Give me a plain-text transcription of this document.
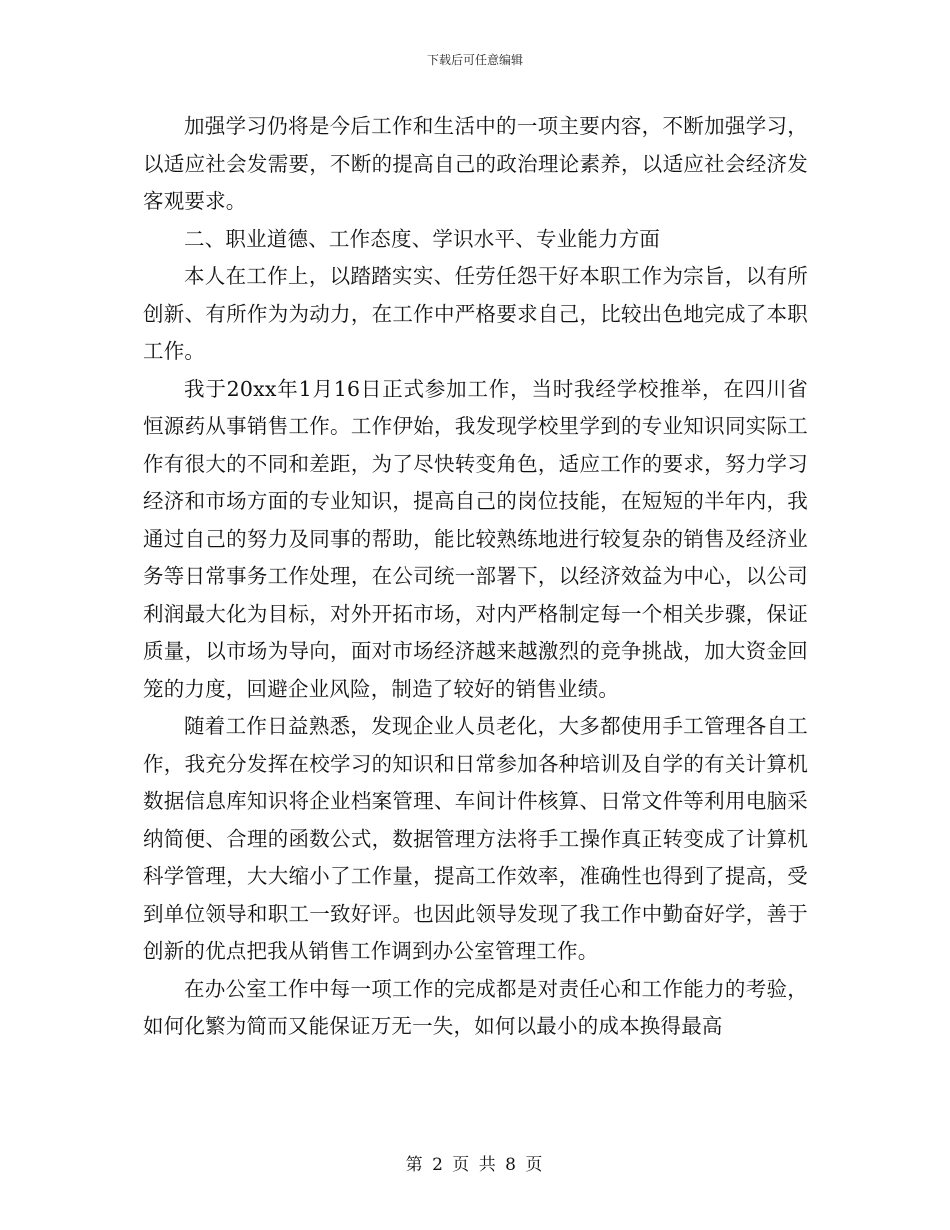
下载后可任意编辑

加强学习仍将是今后工作和生活中的一项主要内容，不断加强学习，以适应社会发需要，不断的提高自己的政治理论素养，以适应社会经济发客观要求。

二、职业道德、工作态度、学识水平、专业能力方面

本人在工作上，以踏踏实实、任劳任怨干好本职工作为宗旨，以有所创新、有所作为为动力，在工作中严格要求自己，比较出色地完成了本职工作。

我于20xx年1月16日正式参加工作，当时我经学校推举，在四川省恒源药从事销售工作。工作伊始，我发现学校里学到的专业知识同实际工作有很大的不同和差距，为了尽快转变角色，适应工作的要求，努力学习经济和市场方面的专业知识，提高自己的岗位技能，在短短的半年内，我通过自己的努力及同事的帮助，能比较熟练地进行较复杂的销售及经济业务等日常事务工作处理，在公司统一部署下，以经济效益为中心，以公司利润最大化为目标，对外开拓市场，对内严格制定每一个相关步骤，保证质量，以市场为导向，面对市场经济越来越激烈的竞争挑战，加大资金回笼的力度，回避企业风险，制造了较好的销售业绩。

随着工作日益熟悉，发现企业人员老化，大多都使用手工管理各自工作，我充分发挥在校学习的知识和日常参加各种培训及自学的有关计算机数据信息库知识将企业档案管理、车间计件核算、日常文件等利用电脑采纳简便、合理的函数公式，数据管理方法将手工操作真正转变成了计算机科学管理，大大缩小了工作量，提高工作效率，准确性也得到了提高，受到单位领导和职工一致好评。也因此领导发现了我工作中勤奋好学，善于创新的优点把我从销售工作调到办公室管理工作。

在办公室工作中每一项工作的完成都是对责任心和工作能力的考验，如何化繁为简而又能保证万无一失，如何以最小的成本换得最高

第 2 页 共 8 页
